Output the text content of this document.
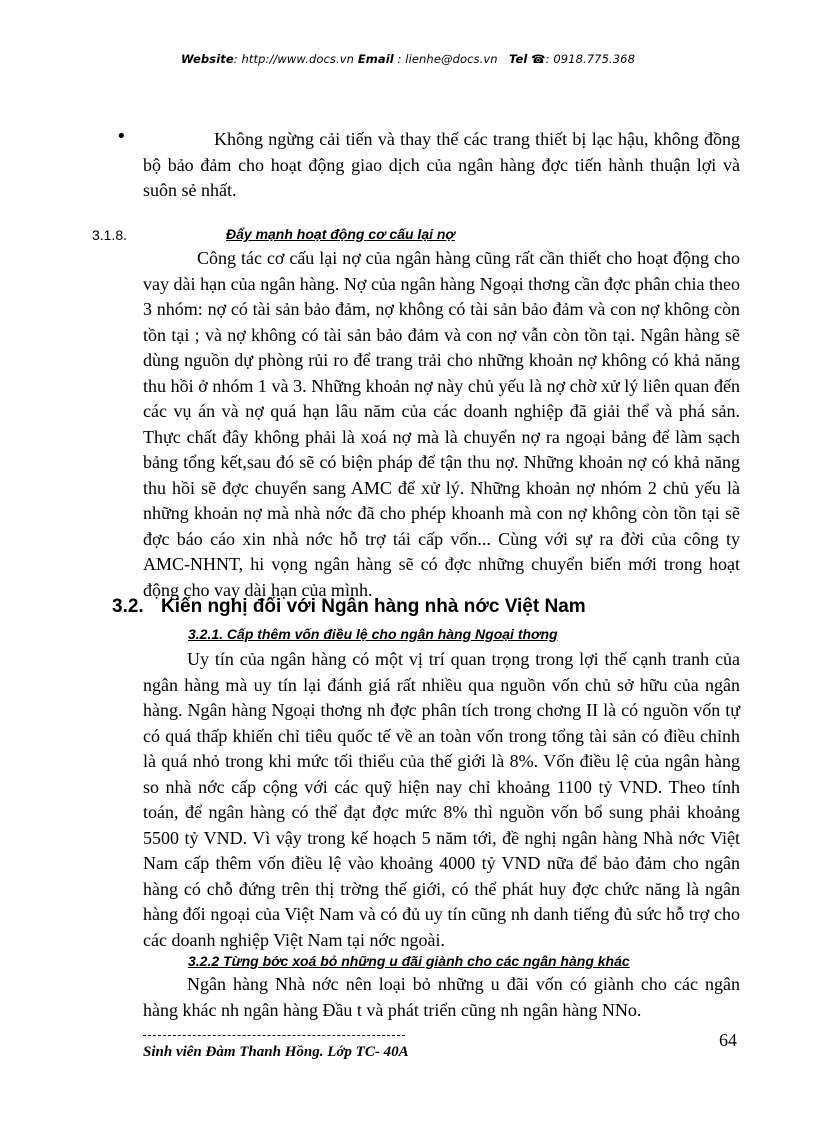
Website: http://www.docs.vn Email : lienhe@docs.vn Tel ☎: 0918.775.368
•	Không ngừng cải tiến và thay thế các trang thiết bị lạc hậu, không đồng bộ bảo đảm cho hoạt động giao dịch của ngân hàng đợc tiến hành thuận lợi và suôn sẻ nhất.

3.1.8.	Đẩy mạnh hoạt động cơ cấu lại nợ

Công tác cơ cấu lại nợ của ngân hàng cũng rất cần thiết cho hoạt động cho vay dài hạn của ngân hàng. Nợ của ngân hàng Ngoại thơng cần đợc phân chia theo 3 nhóm: nợ có tài sản bảo đảm, nợ không có tài sản bảo đảm và con nợ không còn tồn tại ; và nợ không có tài sản bảo đảm và con nợ vẫn còn tồn tại. Ngân hàng sẽ dùng nguồn dự phòng rủi ro để trang trải cho những khoản nợ không có khả năng thu hồi ở nhóm 1 và 3. Những khoản nợ này chủ yếu là nợ chờ xử lý liên quan đến các vụ án và nợ quá hạn lâu năm của các doanh nghiệp đã giải thể và phá sản. Thực chất đây không phải là xoá nợ mà là chuyển nợ ra ngoại bảng để làm sạch bảng tổng kết,sau đó sẽ có biện pháp để tận thu nợ. Những khoản nợ có khả năng thu hồi sẽ đợc chuyển sang AMC để xử lý. Những khoản nợ nhóm 2 chủ yếu là những khoản nợ mà nhà nớc đã cho phép khoanh mà con nợ không còn tồn tại sẽ đợc báo cáo xin nhà nớc hỗ trợ tái cấp vốn... Cùng với sự ra đời của công ty AMC-NHNT, hi vọng ngân hàng sẽ có đợc những chuyển biến mới trong hoạt động cho vay dài hạn của mình.

3.2. Kiến nghị đối với Ngân hàng nhà nớc Việt Nam
3.2.1. Cấp thêm vốn điều lệ cho ngân hàng Ngoại thơng

Uy tín của ngân hàng có một vị trí quan trọng trong lợi thế cạnh tranh của ngân hàng mà uy tín lại đánh giá rất nhiều qua nguồn vốn chủ sở hữu của ngân hàng. Ngân hàng Ngoại thơng nh đợc phân tích trong chơng II là có nguồn vốn tự có quá thấp khiến chỉ tiêu quốc tế về an toàn vốn trong tổng tài sản có điều chỉnh là quá nhỏ trong khi mức tối thiểu của thế giới là 8%. Vốn điều lệ của ngân hàng so nhà nớc cấp cộng với các quỹ hiện nay chỉ khoảng 1100 tỷ VND. Theo tính toán, để ngân hàng có thể đạt đợc mức 8% thì nguồn vốn bổ sung phải khoảng 5500 tỷ VND. Vì vậy trong kế hoạch 5 năm tới, đề nghị ngân hàng Nhà nớc Việt Nam cấp thêm vốn điều lệ vào khoảng 4000 tỷ VND nữa để bảo đảm cho ngân hàng có chỗ đứng trên thị trờng thế giới, có thể phát huy đợc chức năng là ngân hàng đối ngoại của Việt Nam và có đủ uy tín cũng nh danh tiếng đủ sức hỗ trợ cho các doanh nghiệp Việt Nam tại nớc ngoài.

3.2.2 Từng bớc xoá bỏ những u đãi giành cho các ngân hàng khác

Ngân hàng Nhà nớc nên loại bỏ những u đãi vốn có giành cho các ngân hàng khác nh ngân hàng Đầu t và phát triển cũng nh ngân hàng NNo.

Sinh viên Đàm Thanh Hồng. Lớp TC- 40A
64
